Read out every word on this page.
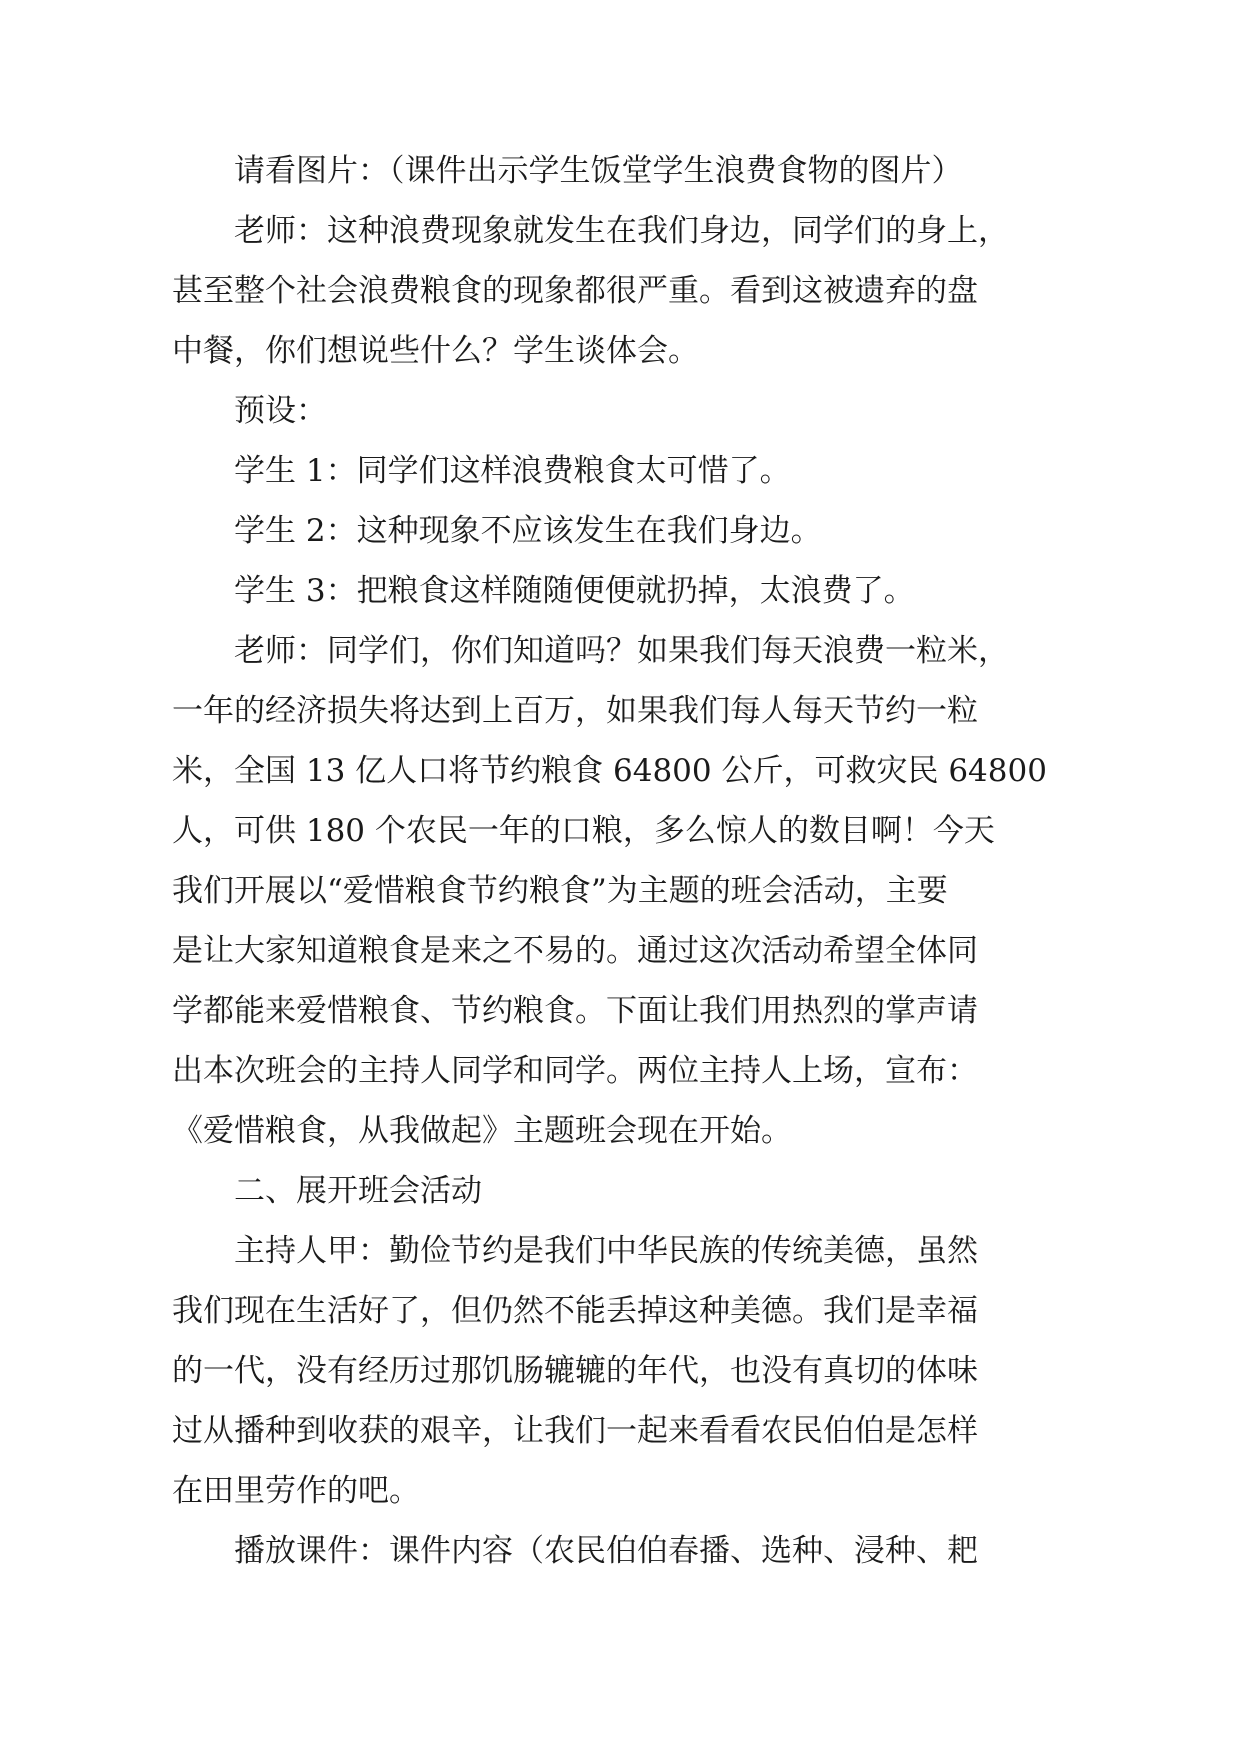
请看图片：（课件出示学生饭堂学生浪费食物的图片）
老师：这种浪费现象就发生在我们身边，同学们的身上，
甚至整个社会浪费粮食的现象都很严重。看到这被遗弃的盘
中餐，你们想说些什么？学生谈体会。
预设：
学生 1：同学们这样浪费粮食太可惜了。
学生 2：这种现象不应该发生在我们身边。
学生 3：把粮食这样随随便便就扔掉，太浪费了。
老师：同学们，你们知道吗？如果我们每天浪费一粒米，
一年的经济损失将达到上百万，如果我们每人每天节约一粒
米，全国 13 亿人口将节约粮食 64800 公斤，可救灾民 64800
人，可供 180 个农民一年的口粮，多么惊人的数目啊！今天
我们开展以“爱惜粮食节约粮食”为主题的班会活动，主要
是让大家知道粮食是来之不易的。通过这次活动希望全体同
学都能来爱惜粮食、节约粮食。下面让我们用热烈的掌声请
出本次班会的主持人同学和同学。两位主持人上场，宣布：
《爱惜粮食，从我做起》主题班会现在开始。
二、展开班会活动
主持人甲：勤俭节约是我们中华民族的传统美德，虽然
我们现在生活好了，但仍然不能丢掉这种美德。我们是幸福
的一代，没有经历过那饥肠辘辘的年代，也没有真切的体味
过从播种到收获的艰辛，让我们一起来看看农民伯伯是怎样
在田里劳作的吧。
播放课件：课件内容（农民伯伯春播、选种、浸种、耙
